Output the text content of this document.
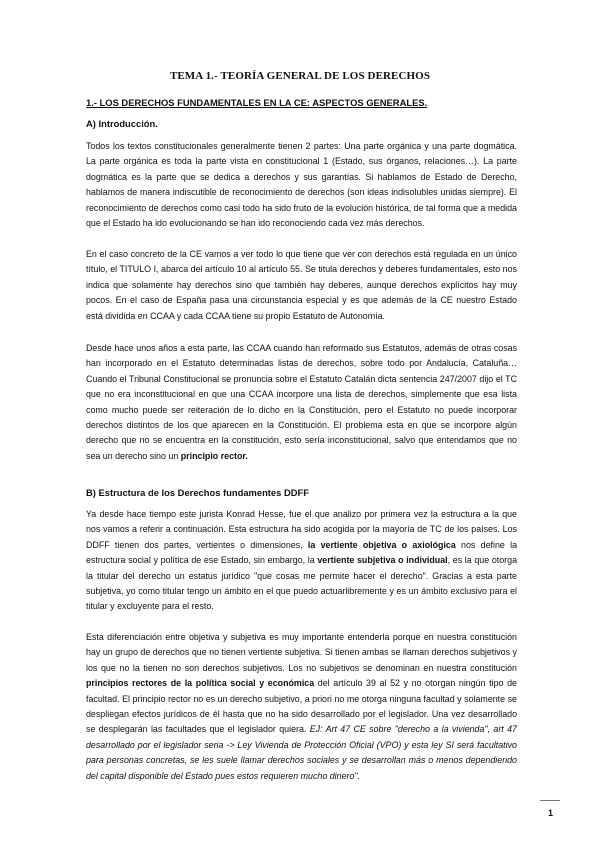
TEMA 1.- TEORÍA GENERAL DE LOS DERECHOS
1.- LOS DERECHOS FUNDAMENTALES EN LA CE: ASPECTOS GENERALES.
A) Introducción.

Todos los textos constitucionales generalmente tienen 2 partes: Una parte orgánica y una parte dogmática. La parte orgánica es toda la parte vista en constitucional 1 (Estado, sus órganos, relaciones…). La parte dogmática es la parte que se dedica a derechos y sus garantías. Si hablamos de Estado de Derecho, hablamos de manera indiscutible de reconocimiento de derechos (son ideas indisolubles unidas siempre). El reconocimiento de derechos como casi todo ha sido fruto de la evolución histórica, de tal forma que a medida que el Estado ha ido evolucionando se han ido reconociendo cada vez más derechos.

En el caso concreto de la CE vamos a ver todo lo que tiene que ver con derechos está regulada en un único título, el TITULO I, abarca del artículo 10 al artículo 55. Se titula derechos y deberes fundamentales, esto nos indica que solamente hay derechos sino que también hay deberes, aunque derechos explícitos hay muy pocos. En el caso de España pasa una circunstancia especial y es que además de la CE nuestro Estado está dividida en CCAA y cada CCAA tiene su propio Estatuto de Autonomía.

Desde hace unos años a esta parte, las CCAA cuando han reformado sus Estatutos, además de otras cosas han incorporado en el Estatuto determinadas listas de derechos, sobre todo por Andalucía, Cataluña… Cuando el Tribunal Constitucional se pronuncia sobre el Estatuto Catalán dicta sentencia 247/2007 dijo el TC que no era inconstitucional en que una CCAA incorpore una lista de derechos, simplemente que esa lista como mucho puede ser reiteración de lo dicho en la Constitución, pero el Estatuto no puede incorporar derechos distintos de los que aparecen en la Constitución. El problema esta en que se incorpore algún derecho que no se encuentra en la constitución, esto sería inconstitucional, salvo que entendamos que no sea un derecho sino un principio rector.

B) Estructura de los Derechos fundamentes DDFF

Ya desde hace tiempo este jurista Konrad Hesse, fue el que analizo por primera vez la estructura a la que nos vamos a referir a continuación. Esta estructura ha sido acogida por la mayoría de TC de los países. Los DDFF tienen dos partes, vertientes o dimensiones, la vertiente objetiva o axiológica nos define la estructura social y política de ese Estado, sin embargo, la vertiente subjetiva o individual, es la que otorga la titular del derecho un estatus jurídico "que cosas me permite hacer el derecho". Gracias a esta parte subjetiva, yo como titular tengo un ámbito en el que puedo actuarlibremente y es un ámbito exclusivo para el titular y excluyente para el resto.

Esta diferenciación entre objetiva y subjetiva es muy importante entenderla porque en nuestra constitución hay un grupo de derechos que no tienen vertiente subjetiva. Si tienen ambas se llaman derechos subjetivos y los que no la tienen no son derechos subjetivos. Los no subjetivos se denominan en nuestra constitución principios rectores de la política social y económica del artículo 39 al 52 y no otorgan ningún tipo de facultad. El principio rector no es un derecho subjetivo, a priori no me otorga ninguna facultad y solamente se despliegan efectos jurídicos de él hasta que no ha sido desarrollado por el legislador. Una vez desarrollado se desplegarán las facultades que el legislador quiera. EJ: Art 47 CE sobre "derecho a la vivienda", art 47 desarrollado por el legislador seria -> Ley Vivienda de Protección Oficial (VPO) y esta ley SI será facultativo para personas concretas, se les suele llamar derechos sociales y se desarrollan más o menos dependiendo del capital disponible del Estado pues estos requieren mucho dinero".

1
